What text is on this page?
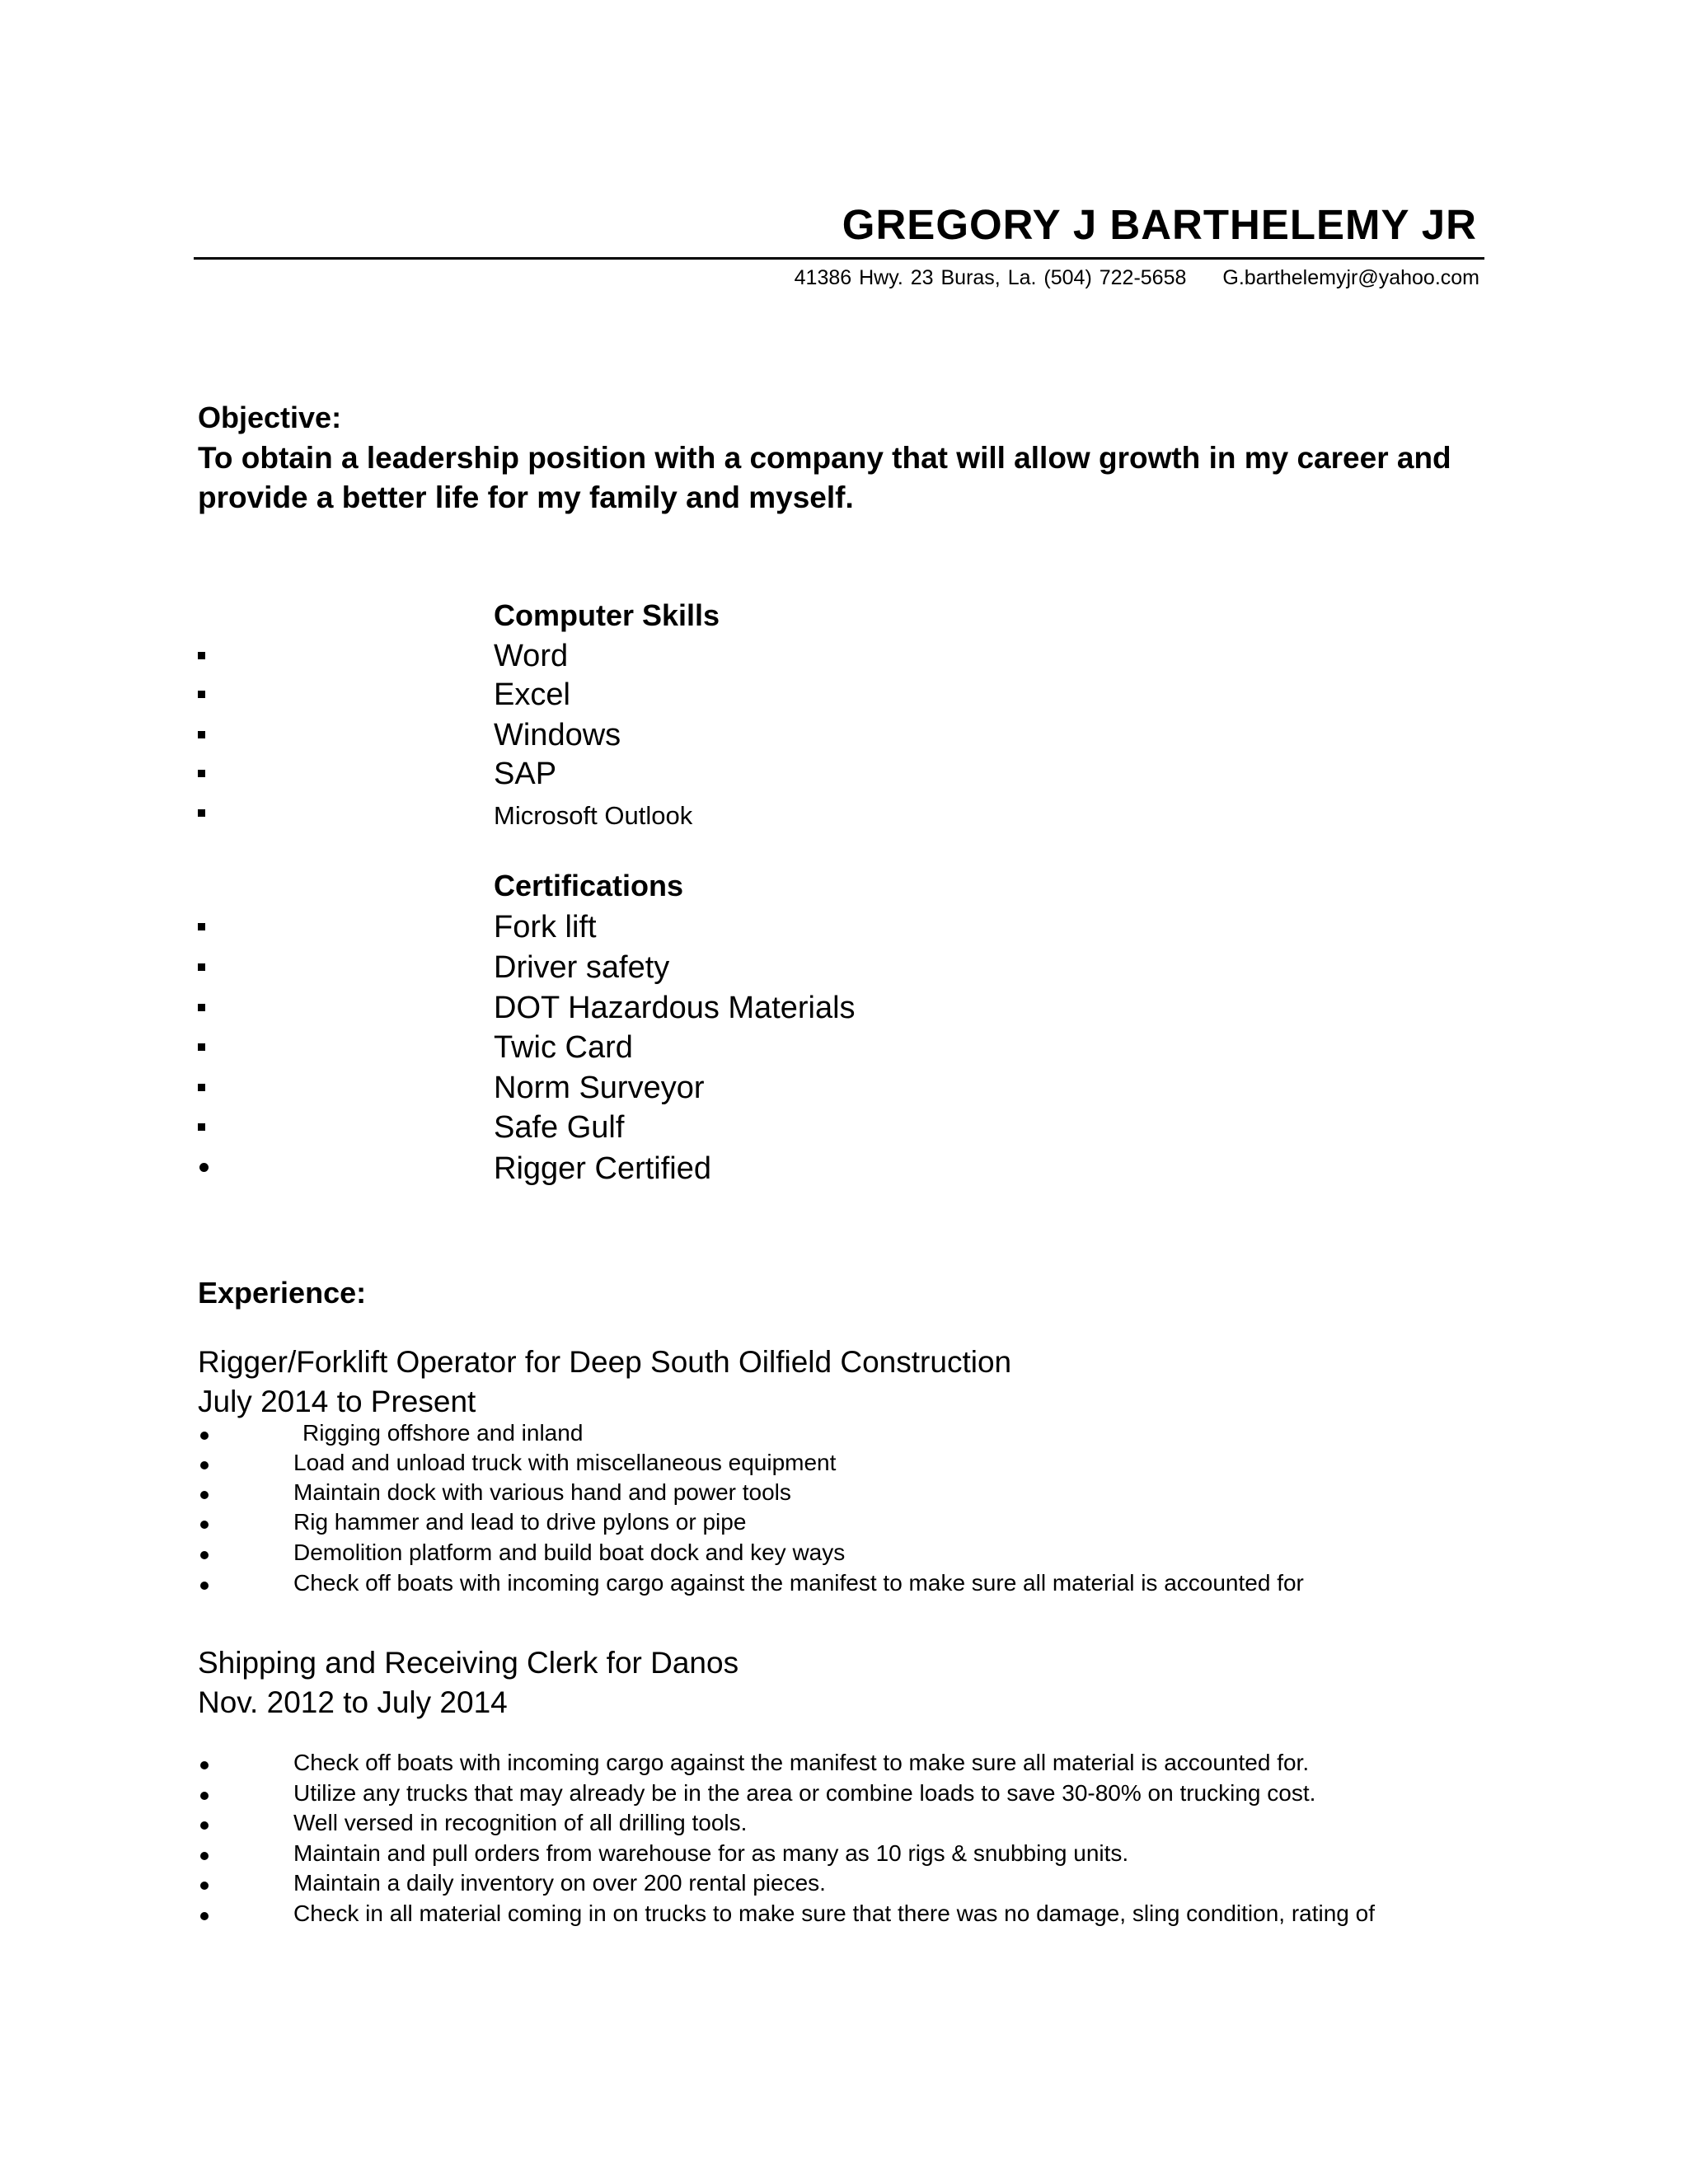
GREGORY J BARTHELEMY JR
41386 Hwy. 23 Buras, La. (504) 722-5658 G.barthelemyjr@yahoo.com
Objective:
To obtain a leadership position with a company that will allow growth in my career and provide a better life for my family and myself.
Computer Skills
Word
Excel
Windows
SAP
Microsoft Outlook
Certifications
Fork lift
Driver safety
DOT Hazardous Materials
Twic Card
Norm Surveyor
Safe Gulf
Rigger Certified
Experience:
Rigger/Forklift Operator for Deep South Oilfield Construction
July 2014 to Present
Rigging offshore and inland
Load and unload truck with miscellaneous equipment
Maintain dock with various hand and power tools
Rig hammer and lead to drive pylons or pipe
Demolition platform and build boat dock and key ways
Check off boats with incoming cargo against the manifest to make sure all material is accounted for
Shipping and Receiving Clerk for Danos
Nov. 2012 to July 2014
Check off boats with incoming cargo against the manifest to make sure all material is accounted for.
Utilize any trucks that may already be in the area or combine loads to save 30-80% on trucking cost.
Well versed in recognition of all drilling tools.
Maintain and pull orders from warehouse for as many as 10 rigs & snubbing units.
Maintain a daily inventory on over 200 rental pieces.
Check in all material coming in on trucks to make sure that there was no damage, sling condition, rating of
